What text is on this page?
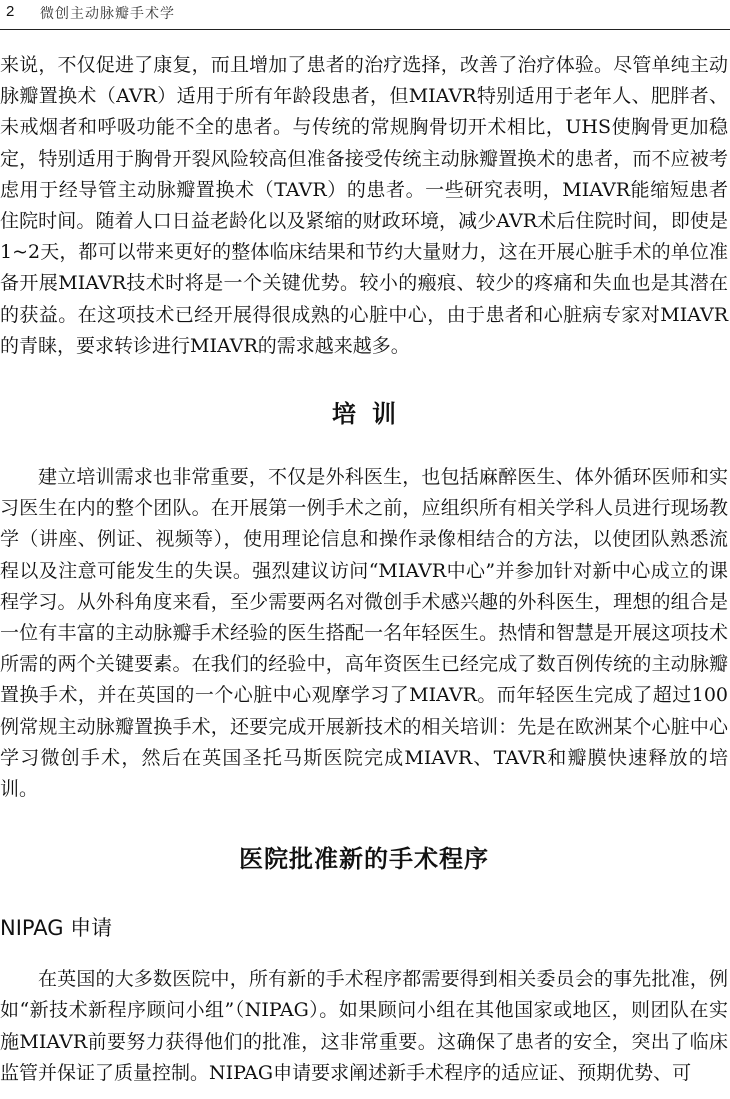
2 微创主动脉瓣手术学

来说，不仅促进了康复，而且增加了患者的治疗选择，改善了治疗体验。尽管单纯主动脉瓣置换术（AVR）适用于所有年龄段患者，但MIAVR特别适用于老年人、肥胖者、未戒烟者和呼吸功能不全的患者。与传统的常规胸骨切开术相比，UHS使胸骨更加稳定，特别适用于胸骨开裂风险较高但准备接受传统主动脉瓣置换术的患者，而不应被考虑用于经导管主动脉瓣置换术（TAVR）的患者。一些研究表明，MIAVR能缩短患者住院时间。随着人口日益老龄化以及紧缩的财政环境，减少AVR术后住院时间，即使是1~2天，都可以带来更好的整体临床结果和节约大量财力，这在开展心脏手术的单位准备开展MIAVR技术时将是一个关键优势。较小的瘢痕、较少的疼痛和失血也是其潜在的获益。在这项技术已经开展得很成熟的心脏中心，由于患者和心脏病专家对MIAVR的青睐，要求转诊进行MIAVR的需求越来越多。

培训

建立培训需求也非常重要，不仅是外科医生，也包括麻醉医生、体外循环医师和实习医生在内的整个团队。在开展第一例手术之前，应组织所有相关学科人员进行现场教学（讲座、例证、视频等），使用理论信息和操作录像相结合的方法，以使团队熟悉流程以及注意可能发生的失误。强烈建议访问“MIAVR中心”并参加针对新中心成立的课程学习。从外科角度来看，至少需要两名对微创手术感兴趣的外科医生，理想的组合是一位有丰富的主动脉瓣手术经验的医生搭配一名年轻医生。热情和智慧是开展这项技术所需的两个关键要素。在我们的经验中，高年资医生已经完成了数百例传统的主动脉瓣置换手术，并在英国的一个心脏中心观摩学习了MIAVR。而年轻医生完成了超过100例常规主动脉瓣置换手术，还要完成开展新技术的相关培训：先是在欧洲某个心脏中心学习微创手术，然后在英国圣托马斯医院完成MIAVR、TAVR和瓣膜快速释放的培训。

医院批准新的手术程序
NIPAG 申请

在英国的大多数医院中，所有新的手术程序都需要得到相关委员会的事先批准，例如“新技术新程序顾问小组”（NIPAG）。如果顾问小组在其他国家或地区，则团队在实施MIAVR前要努力获得他们的批准，这非常重要。这确保了患者的安全，突出了临床监管并保证了质量控制。NIPAG申请要求阐述新手术程序的适应证、预期优势、可
